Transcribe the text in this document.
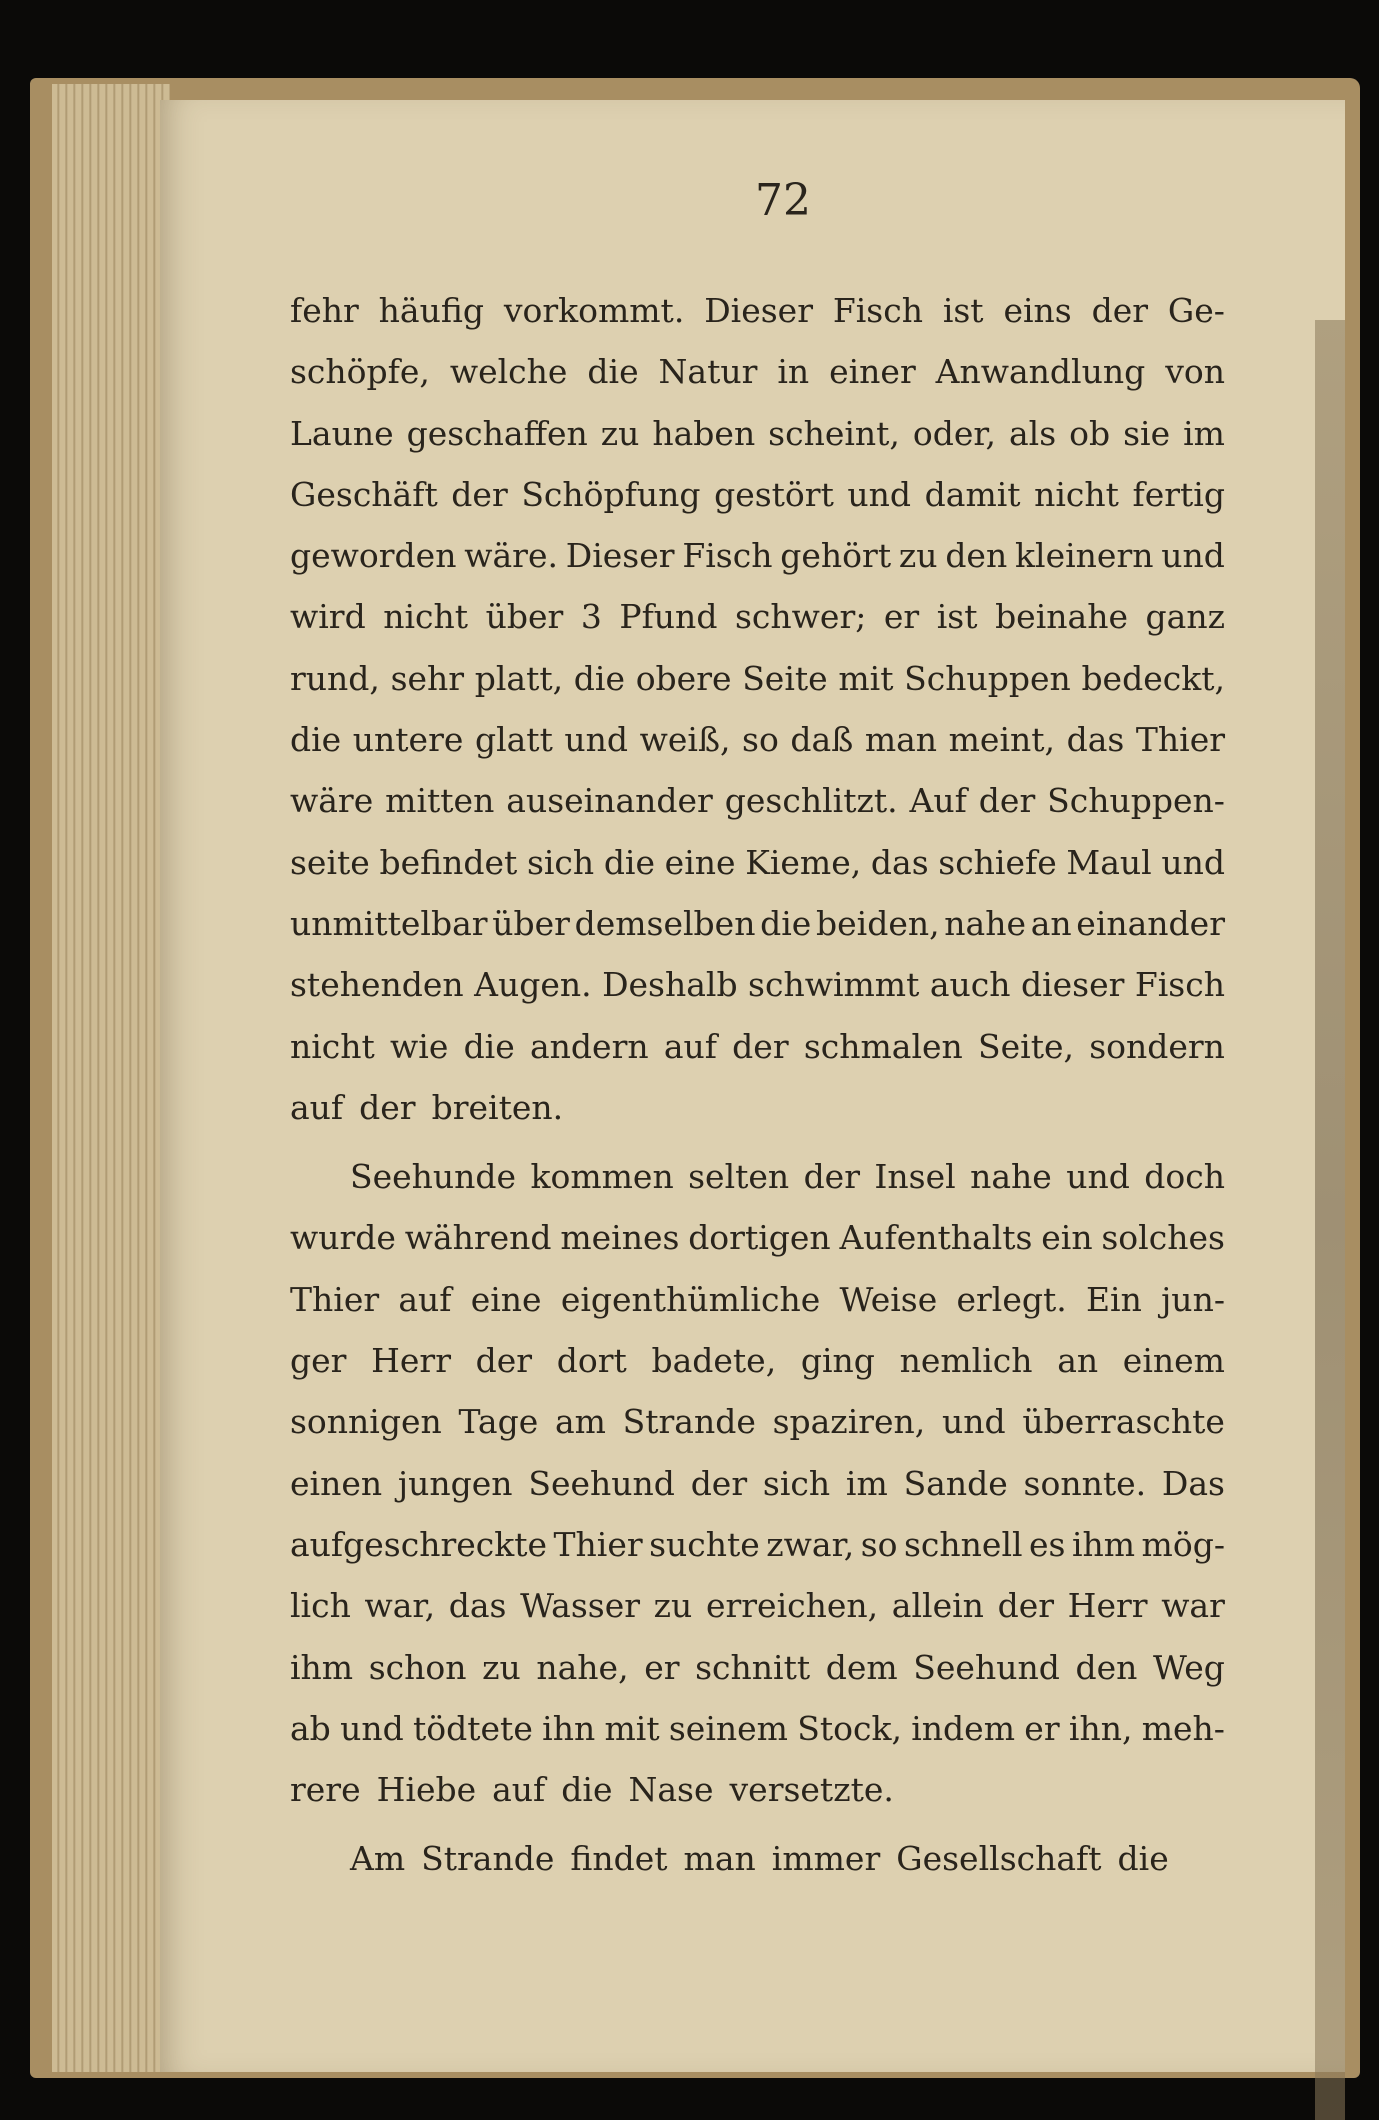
72
fehr häufig vorkommt. Dieser Fisch ist eins der Ge-
schöpfe, welche die Natur in einer Anwandlung von
Laune geschaffen zu haben scheint, oder, als ob sie im
Geschäft der Schöpfung gestört und damit nicht fertig
geworden wäre. Dieser Fisch gehört zu den kleinern und
wird nicht über 3 Pfund schwer; er ist beinahe ganz
rund, sehr platt, die obere Seite mit Schuppen bedeckt,
die untere glatt und weiß, so daß man meint, das Thier
wäre mitten auseinander geschlitzt. Auf der Schuppen-
seite befindet sich die eine Kieme, das schiefe Maul und
unmittelbar über demselben die beiden, nahe an einander
stehenden Augen. Deshalb schwimmt auch dieser Fisch
nicht wie die andern auf der schmalen Seite, sondern
auf der breiten.
Seehunde kommen selten der Insel nahe und doch
wurde während meines dortigen Aufenthalts ein solches
Thier auf eine eigenthümliche Weise erlegt. Ein jun-
ger Herr der dort badete, ging nemlich an einem
sonnigen Tage am Strande spaziren, und überraschte
einen jungen Seehund der sich im Sande sonnte. Das
aufgeschreckte Thier suchte zwar, so schnell es ihm mög-
lich war, das Wasser zu erreichen, allein der Herr war
ihm schon zu nahe, er schnitt dem Seehund den Weg
ab und tödtete ihn mit seinem Stock, indem er ihn, meh-
rere Hiebe auf die Nase versetzte.
Am Strande findet man immer Gesellschaft die
